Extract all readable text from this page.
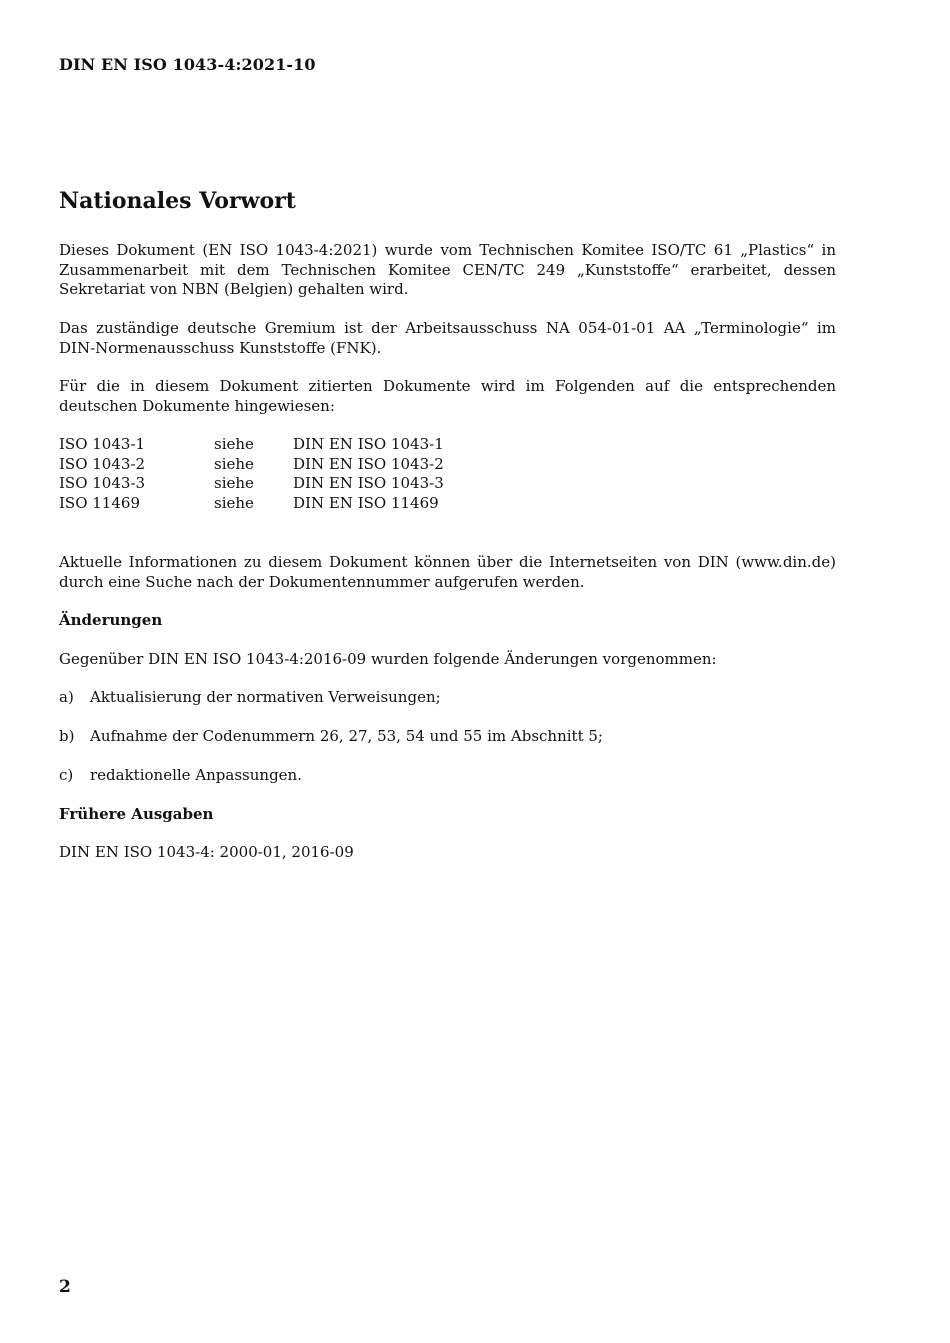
DIN EN ISO 1043-4:2021-10
Nationales Vorwort

Dieses Dokument (EN ISO 1043-4:2021) wurde vom Technischen Komitee ISO/TC 61 „Plastics“ in Zusammenarbeit mit dem Technischen Komitee CEN/TC 249 „Kunststoffe“ erarbeitet, dessen Sekretariat von NBN (Belgien) gehalten wird.

Das zuständige deutsche Gremium ist der Arbeitsausschuss NA 054-01-01 AA „Terminologie“ im DIN-Normenausschuss Kunststoffe (FNK).

Für die in diesem Dokument zitierten Dokumente wird im Folgenden auf die entsprechenden deutschen Dokumente hingewiesen:

ISO 1043-1	siehe	DIN EN ISO 1043-1
ISO 1043-2	siehe	DIN EN ISO 1043-2
ISO 1043-3	siehe	DIN EN ISO 1043-3
ISO 11469	siehe	DIN EN ISO 11469

Aktuelle Informationen zu diesem Dokument können über die Internetseiten von DIN (www.din.de) durch eine Suche nach der Dokumentennummer aufgerufen werden.

Änderungen

Gegenüber DIN EN ISO 1043-4:2016-09 wurden folgende Änderungen vorgenommen:

a) Aktualisierung der normativen Verweisungen;
b) Aufnahme der Codenummern 26, 27, 53, 54 und 55 im Abschnitt 5;
c) redaktionelle Anpassungen.
Frühere Ausgaben

DIN EN ISO 1043-4: 2000-01, 2016-09

2
